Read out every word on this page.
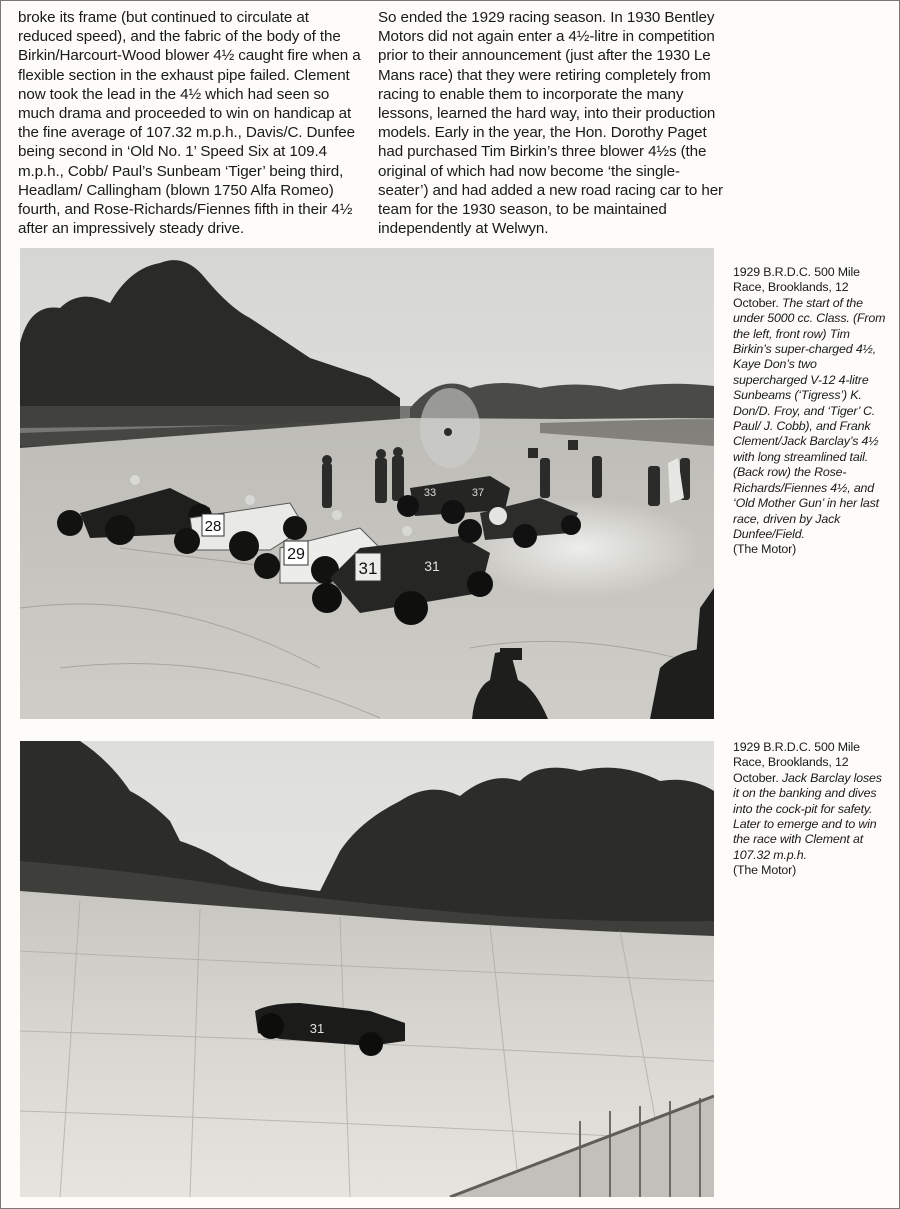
broke its frame (but continued to circulate at reduced speed), and the fabric of the body of the Birkin/Harcourt-Wood blower 4½ caught fire when a flexible section in the exhaust pipe failed. Clement now took the lead in the 4½ which had seen so much drama and proceeded to win on handicap at the fine average of 107.32 m.p.h., Davis/C. Dunfee being second in ‘Old No. 1’ Speed Six at 109.4 m.p.h., Cobb/ Paul’s Sunbeam ‘Tiger’ being third, Headlam/ Callingham (blown 1750 Alfa Romeo) fourth, and Rose-Richards/Fiennes fifth in their 4½ after an impressively steady drive.

So ended the 1929 racing season. In 1930 Bentley Motors did not again enter a 4½-litre in competition prior to their announcement (just after the 1930 Le Mans race) that they were retiring completely from racing to enable them to incorporate the many lessons, learned the hard way, into their production models. Early in the year, the Hon. Dorothy Paget had purchased Tim Birkin’s three blower 4½s (the original of which had now become ‘the single-seater’) and had added a new road racing car to her team for the 1930 season, to be maintained independently at Welwyn.

28
29
31	31
33	37
1929 B.R.D.C. 500 Mile Race, Brooklands, 12 October. The start of the under 5000 cc. Class. (From the left, front row) Tim Birkin’s super-charged 4½, Kaye Don’s two supercharged V-12 4-litre Sunbeams (‘Tigress’) K. Don/D. Froy, and ‘Tiger’ C. Paul/ J. Cobb), and Frank Clement/Jack Barclay’s 4½ with long streamlined tail. (Back row) the Rose-Richards/Fiennes 4½, and ‘Old Mother Gun’ in her last race, driven by Jack Dunfee/Field.
(The Motor)
31
1929 B.R.D.C. 500 Mile Race, Brooklands, 12 October. Jack Barclay loses it on the banking and dives into the cock-pit for safety. Later to emerge and to win the race with Clement at 107.32 m.p.h.
(The Motor)
